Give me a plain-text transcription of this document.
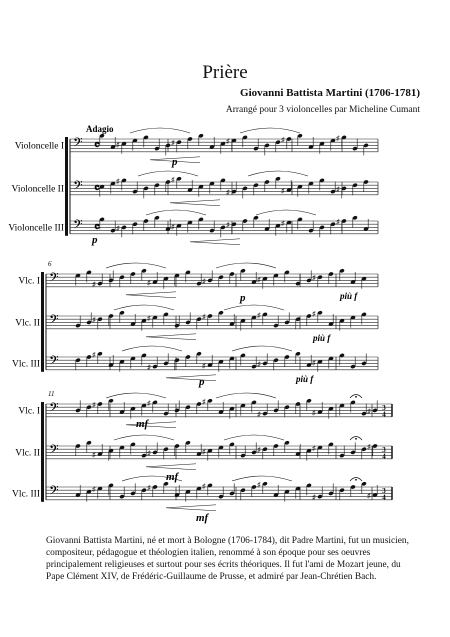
Prière
Giovanni Battista Martini (1706-1781)
Arrangé pour 3 violoncelles par Micheline Cumant
Violoncelle I
Violoncelle II
Violoncelle III
Vlc. I
Vlc. II
Vlc. III
Vlc. I
Vlc. II
Vlc. III
𝄢	♯	♯	♯	♯	♯
𝄢	♯	♯
♯	♯	♯
𝄢	♯	♯	♯	♯	♯
𝄢	♯	♯	♯	♯	♯
𝄢	♯	♯	♯	♯	♯
𝄢	♯
♯	♯	♯	♯
6
𝄢	♯	♯	♯
♯	♯	♯
𝄢	♯	♯	♯	♯	♯	♯
𝄢	♯	♯	♯	♯
♯	♯
11
𝄴
𝄴
𝄴
3
4
3
4
3
4
Adagio
p
p
p
p
più f
più f
più f
mf
mf
mf
Giovanni Battista Martini, né et mort à Bologne (1706-1784), dit Padre Martini, fut un musicien, compositeur, pédagogue et théologien italien, renommé à son époque pour ses oeuvres principalement religieuses et surtout pour ses écrits théoriques. Il fut l'ami de Mozart jeune, du Pape Clément XIV, de Frédéric-Guillaume de Prusse, et admiré par Jean-Chrétien Bach.
